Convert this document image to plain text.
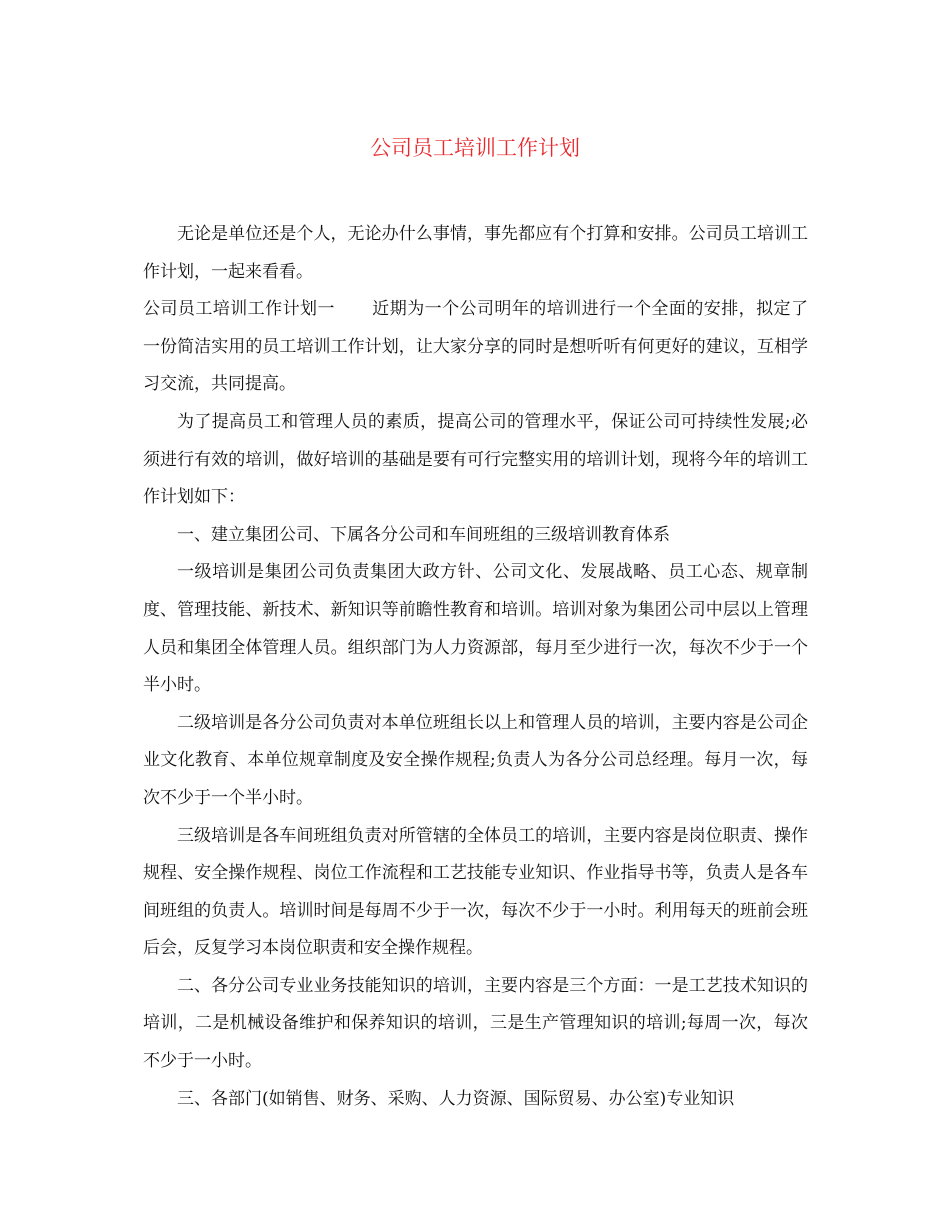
公司员工培训工作计划

无论是单位还是个人，无论办什么事情，事先都应有个打算和安排。公司员工培训工作计划，一起来看看。

公司员工培训工作计划一 近期为一个公司明年的培训进行一个全面的安排，拟定了一份简洁实用的员工培训工作计划，让大家分享的同时是想听听有何更好的建议，互相学习交流，共同提高。

为了提高员工和管理人员的素质，提高公司的管理水平，保证公司可持续性发展;必须进行有效的培训，做好培训的基础是要有可行完整实用的培训计划，现将今年的培训工作计划如下：

一、建立集团公司、下属各分公司和车间班组的三级培训教育体系

一级培训是集团公司负责集团大政方针、公司文化、发展战略、员工心态、规章制度、管理技能、新技术、新知识等前瞻性教育和培训。培训对象为集团公司中层以上管理人员和集团全体管理人员。组织部门为人力资源部，每月至少进行一次，每次不少于一个半小时。

二级培训是各分公司负责对本单位班组长以上和管理人员的培训，主要内容是公司企业文化教育、本单位规章制度及安全操作规程;负责人为各分公司总经理。每月一次，每次不少于一个半小时。

三级培训是各车间班组负责对所管辖的全体员工的培训，主要内容是岗位职责、操作规程、安全操作规程、岗位工作流程和工艺技能专业知识、作业指导书等，负责人是各车间班组的负责人。培训时间是每周不少于一次，每次不少于一小时。利用每天的班前会班后会，反复学习本岗位职责和安全操作规程。

二、各分公司专业业务技能知识的培训，主要内容是三个方面：一是工艺技术知识的培训，二是机械设备维护和保养知识的培训，三是生产管理知识的培训;每周一次，每次不少于一小时。

三、各部门(如销售、财务、采购、人力资源、国际贸易、办公室)专业知识
